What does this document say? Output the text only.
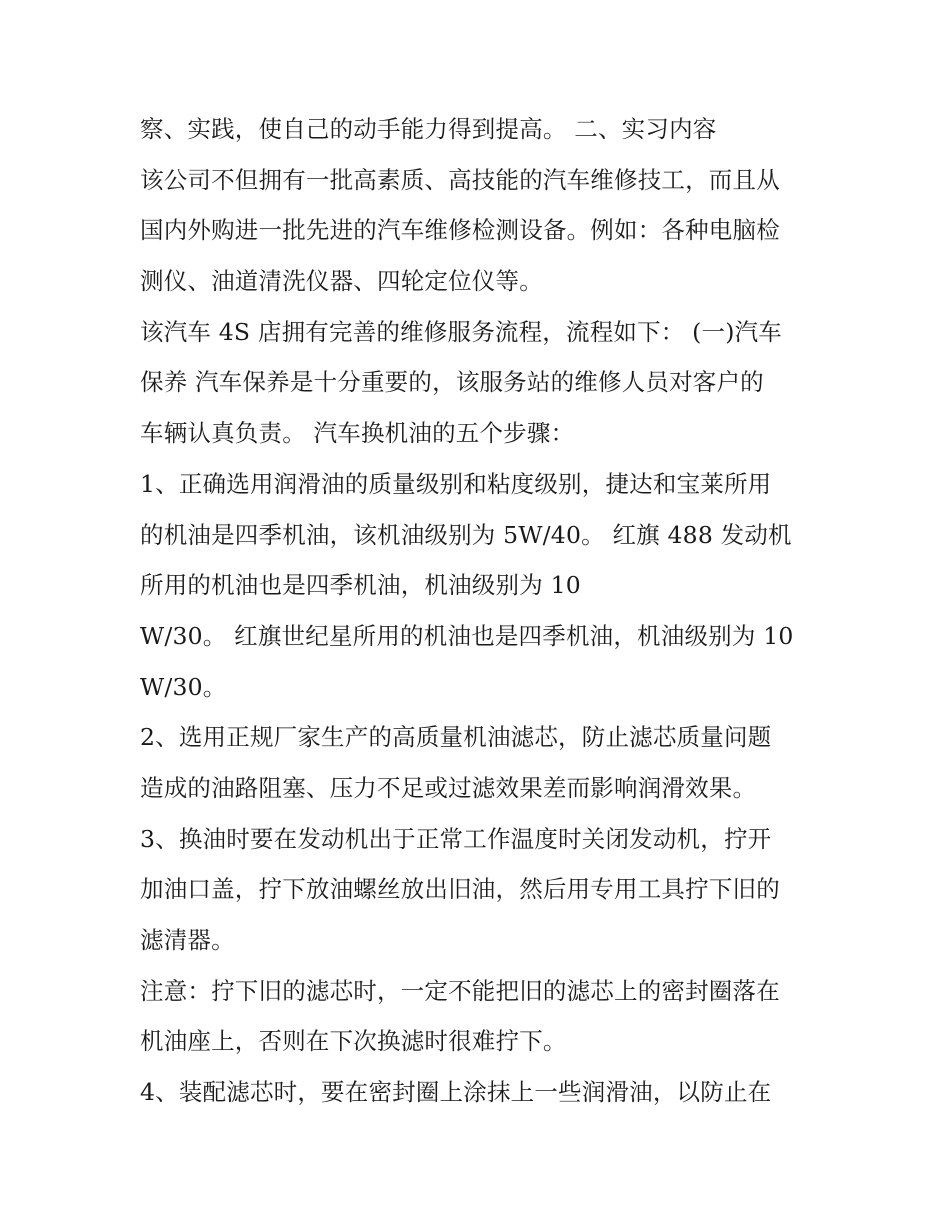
察、实践，使自己的动手能力得到提高。 二、实习内容
该公司不但拥有一批高素质、高技能的汽车维修技工，而且从
国内外购进一批先进的汽车维修检测设备。例如：各种电脑检
测仪、油道清洗仪器、四轮定位仪等。
该汽车 4S 店拥有完善的维修服务流程，流程如下： (一)汽车
保养 汽车保养是十分重要的，该服务站的维修人员对客户的
车辆认真负责。 汽车换机油的五个步骤：
1、正确选用润滑油的质量级别和粘度级别，捷达和宝莱所用
的机油是四季机油，该机油级别为 5W/40。 红旗 488 发动机
所用的机油也是四季机油，机油级别为 10
W/30。 红旗世纪星所用的机油也是四季机油，机油级别为 10
W/30。
2、选用正规厂家生产的高质量机油滤芯，防止滤芯质量问题
造成的油路阻塞、压力不足或过滤效果差而影响润滑效果。
3、换油时要在发动机出于正常工作温度时关闭发动机，拧开
加油口盖，拧下放油螺丝放出旧油，然后用专用工具拧下旧的
滤清器。
注意：拧下旧的滤芯时，一定不能把旧的滤芯上的密封圈落在
机油座上，否则在下次换滤时很难拧下。
4、装配滤芯时，要在密封圈上涂抹上一些润滑油，以防止在
